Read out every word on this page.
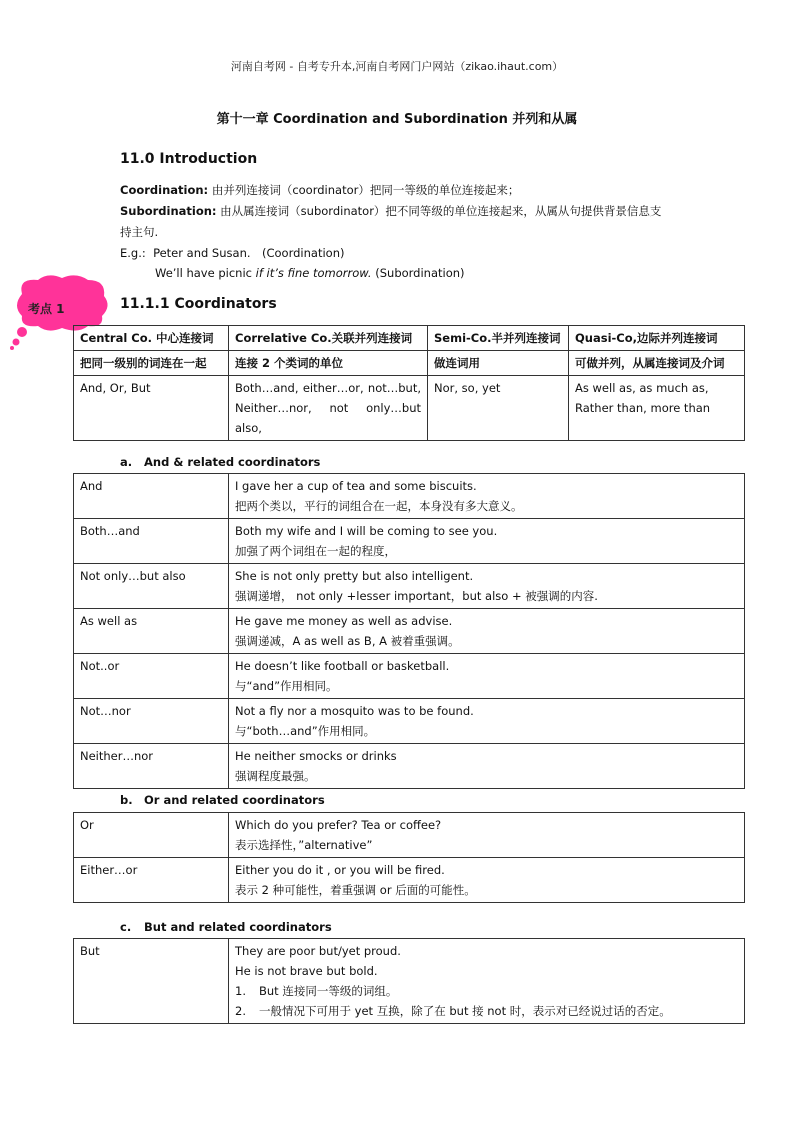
河南自考网 - 自考专升本,河南自考网门户网站（zikao.ihaut.com）
第十一章 Coordination and Subordination 并列和从属
11.0 Introduction
Coordination: 由并列连接词（coordinator）把同一等级的单位连接起来；
Subordination: 由从属连接词（subordinator）把不同等级的单位连接起来，从属从句提供背景信息支
持主句.
E.g.: Peter and Susan.　(Coordination)
We’ll have picnic if it’s fine tomorrow. (Subordination)
考点 1	11.1.1 Coordinators
Central Co. 中心连接词	Correlative Co.关联并列连接词	Semi-Co.半并列连接词	Quasi-Co,边际并列连接词
把同一级别的词连在一起	连接 2 个类词的单位	做连词用	可做并列，从属连接词及介词
And, Or, But	Both…and, either…or, not…but, Neither…nor, not only…but also,	Nor, so, yet	As well as, as much as, Rather than, more than
a. And & related coordinators
And	I gave her a cup of tea and some biscuits.
把两个类以，平行的词组合在一起，本身没有多大意义。

Both…and	Both my wife and I will be coming to see you.
加强了两个词组在一起的程度，

Not only…but also	She is not only pretty but also intelligent.
强调递增， not only +lesser important，but also + 被强调的内容.

As well as	He gave me money as well as advise.
强调递减，A as well as B, A 被着重强调。

Not..or	He doesn’t like football or basketball.
与“and”作用相同。

Not…nor	Not a fly nor a mosquito was to be found.
与“both…and”作用相同。

Neither…nor	He neither smocks or drinks
强调程度最强。
b. Or and related coordinators
Or	Which do you prefer? Tea or coffee?
表示选择性，”alternative”

Either…or	Either you do it , or you will be fired.
表示 2 种可能性，着重强调 or 后面的可能性。
c. But and related coordinators
But	They are poor but/yet proud.
He is not brave but bold.
1. But 连接同一等级的词组。
2. 一般情况下可用于 yet 互换，除了在 but 接 not 时，表示对已经说过话的否定。
